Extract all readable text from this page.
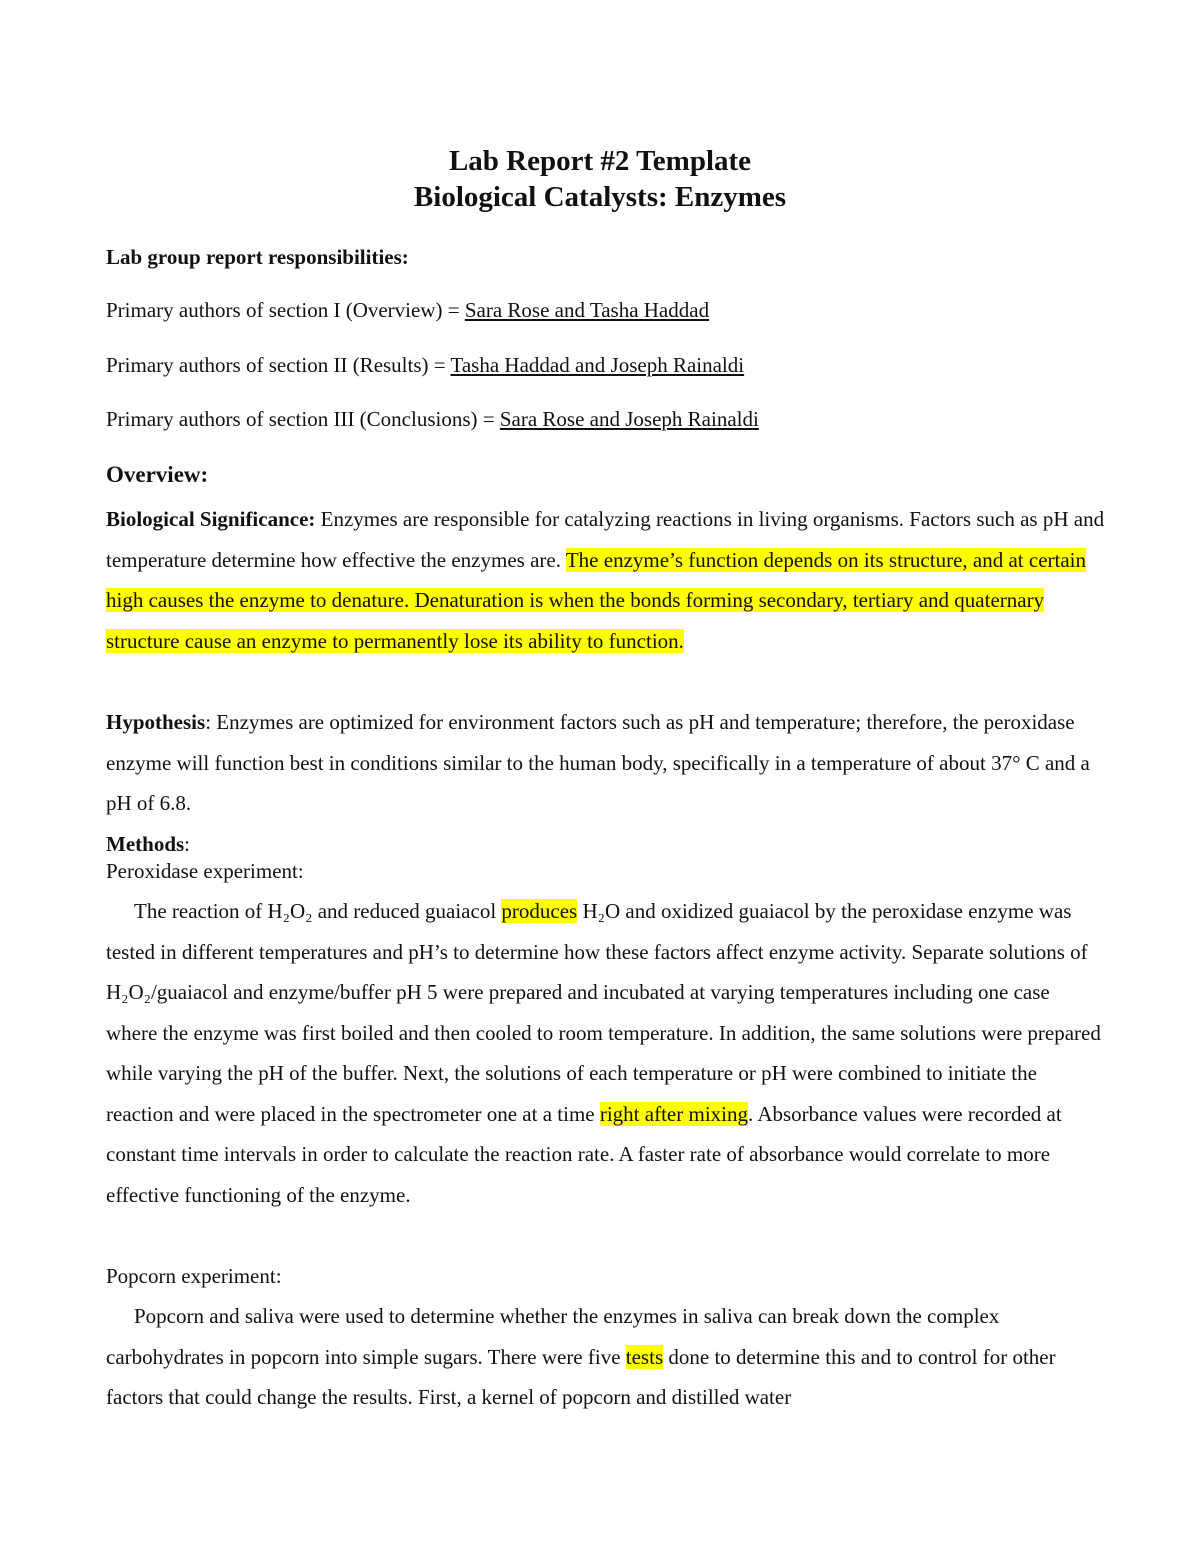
Lab Report #2 Template
Biological Catalysts: Enzymes

Lab group report responsibilities:

Primary authors of section I (Overview) = Sara Rose and Tasha Haddad

Primary authors of section II (Results) = Tasha Haddad and Joseph Rainaldi

Primary authors of section III (Conclusions) = Sara Rose and Joseph Rainaldi

Overview:

Biological Significance: Enzymes are responsible for catalyzing reactions in living organisms. Factors such as pH and temperature determine how effective the enzymes are. The enzyme’s function depends on its structure, and at certain high causes the enzyme to denature. Denaturation is when the bonds forming secondary, tertiary and quaternary structure cause an enzyme to permanently lose its ability to function.

Hypothesis: Enzymes are optimized for environment factors such as pH and temperature; therefore, the peroxidase enzyme will function best in conditions similar to the human body, specifically in a temperature of about 37° C and a pH of 6.8.

Methods:

Peroxidase experiment:

The reaction of H₂O₂ and reduced guaiacol produces H₂O and oxidized guaiacol by the peroxidase enzyme was tested in different temperatures and pH’s to determine how these factors affect enzyme activity. Separate solutions of H₂O₂/guaiacol and enzyme/buffer pH 5 were prepared and incubated at varying temperatures including one case where the enzyme was first boiled and then cooled to room temperature. In addition, the same solutions were prepared while varying the pH of the buffer. Next, the solutions of each temperature or pH were combined to initiate the reaction and were placed in the spectrometer one at a time right after mixing. Absorbance values were recorded at constant time intervals in order to calculate the reaction rate. A faster rate of absorbance would correlate to more effective functioning of the enzyme.

Popcorn experiment:

Popcorn and saliva were used to determine whether the enzymes in saliva can break down the complex carbohydrates in popcorn into simple sugars. There were five tests done to determine this and to control for other factors that could change the results. First, a kernel of popcorn and distilled water
